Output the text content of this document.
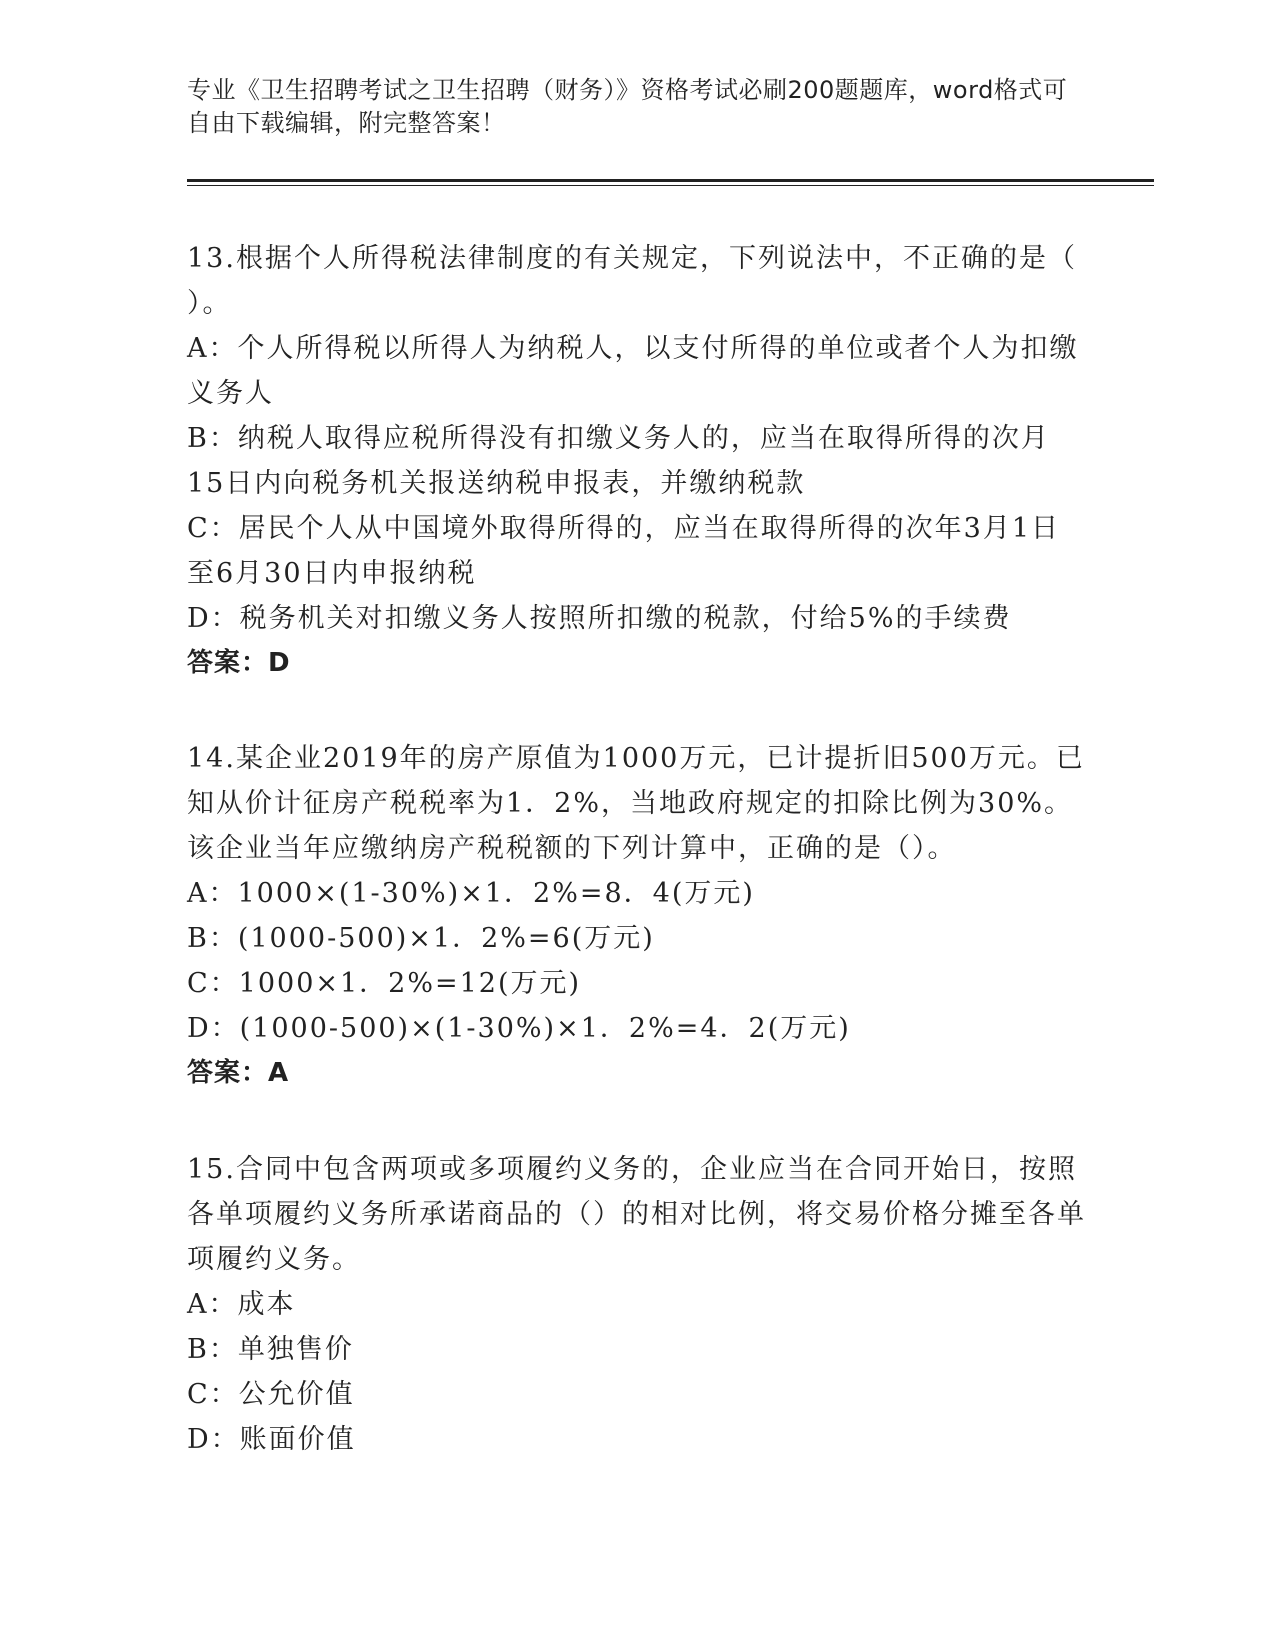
专业《卫生招聘考试之卫生招聘（财务）》资格考试必刷200题题库，word格式可自由下载编辑，附完整答案！

13.根据个人所得税法律制度的有关规定，下列说法中，不正确的是（ ）。

A：个人所得税以所得人为纳税人，以支付所得的单位或者个人为扣缴义务人

B：纳税人取得应税所得没有扣缴义务人的，应当在取得所得的次月15日内向税务机关报送纳税申报表，并缴纳税款

C：居民个人从中国境外取得所得的，应当在取得所得的次年3月1日至6月30日内申报纳税

D：税务机关对扣缴义务人按照所扣缴的税款，付给5%的手续费

答案：D

14.某企业2019年的房产原值为1000万元，已计提折旧500万元。已知从价计征房产税税率为1．2%，当地政府规定的扣除比例为30%。该企业当年应缴纳房产税税额的下列计算中，正确的是（）。

A：1000×(1-30%)×1．2%=8．4(万元)

B：(1000-500)×1．2%=6(万元)

C：1000×1．2%=12(万元)

D：(1000-500)×(1-30%)×1．2%=4．2(万元)

答案：A

15.合同中包含两项或多项履约义务的，企业应当在合同开始日，按照各单项履约义务所承诺商品的（）的相对比例，将交易价格分摊至各单项履约义务。

A：成本

B：单独售价

C：公允价值

D：账面价值
